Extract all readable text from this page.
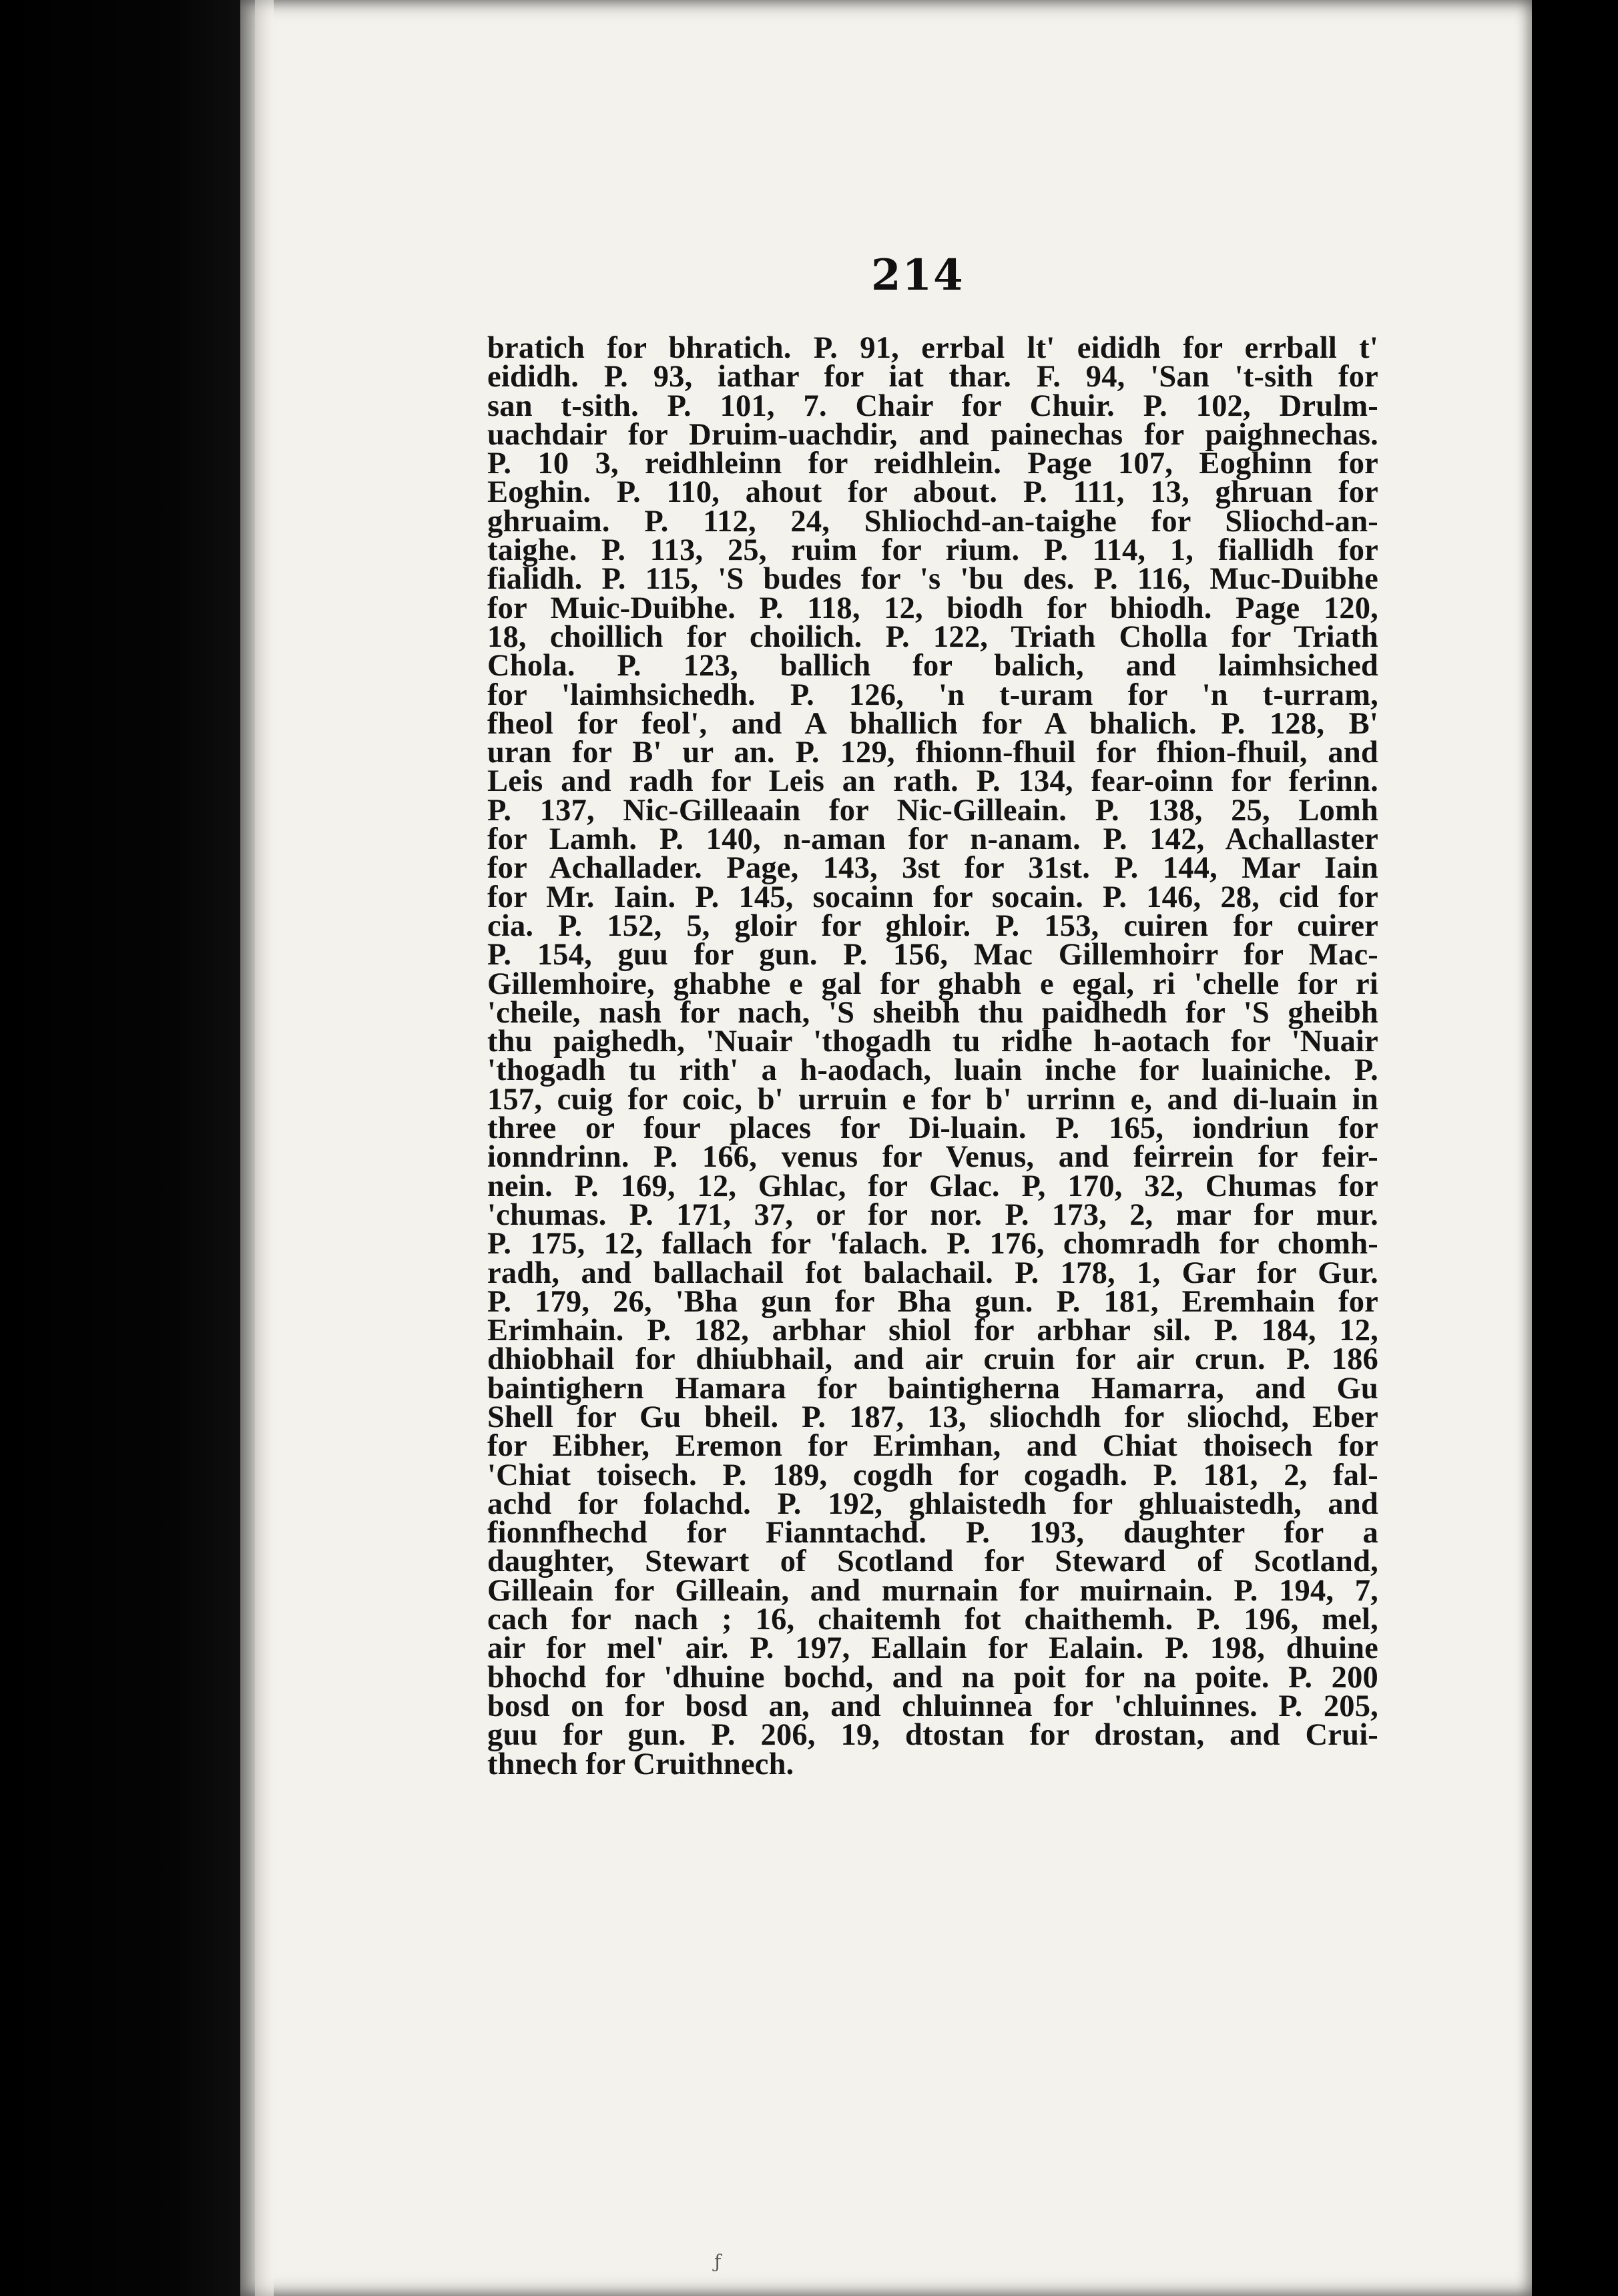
214
bratich for bhratich. P. 91, errbal lt' eididh for errball t'
eididh. P. 93, iathar for iat thar. F. 94, 'San 't-sith for
san t-sith. P. 101, 7. Chair for Chuir. P. 102, Drulm-
uachdair for Druim-uachdir, and painechas for paighnechas.
P. 10 3, reidhleinn for reidhlein. Page 107, Eoghinn for
Eoghin. P. 110, ahout for about. P. 111, 13, ghruan for
ghruaim. P. 112, 24, Shliochd-an-taighe for Sliochd-an-
taighe. P. 113, 25, ruim for rium. P. 114, 1, fiallidh for
fialidh. P. 115, 'S budes for 's 'bu des. P. 116, Muc-Duibhe
for Muic-Duibhe. P. 118, 12, biodh for bhiodh. Page 120,
18, choillich for choilich. P. 122, Triath Cholla for Triath
Chola. P. 123, ballich for balich, and laimhsiched
for 'laimhsichedh. P. 126, 'n t-uram for 'n t-urram,
fheol for feol', and A bhallich for A bhalich. P. 128, B'
uran for B' ur an. P. 129, fhionn-fhuil for fhion-fhuil, and
Leis and radh for Leis an rath. P. 134, fear-oinn for ferinn.
P. 137, Nic-Gilleaain for Nic-Gilleain. P. 138, 25, Lomh
for Lamh. P. 140, n-aman for n-anam. P. 142, Achallaster
for Achallader. Page, 143, 3st for 31st. P. 144, Mar Iain
for Mr. Iain. P. 145, socainn for socain. P. 146, 28, cid for
cia. P. 152, 5, gloir for ghloir. P. 153, cuiren for cuirer
P. 154, guu for gun. P. 156, Mac Gillemhoirr for Mac-
Gillemhoire, ghabhe e gal for ghabh e egal, ri 'chelle for ri
'cheile, nash for nach, 'S sheibh thu paidhedh for 'S gheibh
thu paighedh, 'Nuair 'thogadh tu ridhe h-aotach for 'Nuair
'thogadh tu rith' a h-aodach, luain inche for luainiche. P.
157, cuig for coic, b' urruin e for b' urrinn e, and di-luain in
three or four places for Di-luain. P. 165, iondriun for
ionndrinn. P. 166, venus for Venus, and feirrein for feir-
nein. P. 169, 12, Ghlac, for Glac. P, 170, 32, Chumas for
'chumas. P. 171, 37, or for nor. P. 173, 2, mar for mur.
P. 175, 12, fallach for 'falach. P. 176, chomradh for chomh-
radh, and ballachail fot balachail. P. 178, 1, Gar for Gur.
P. 179, 26, 'Bha gun for Bha gun. P. 181, Eremhain for
Erimhain. P. 182, arbhar shiol for arbhar sil. P. 184, 12,
dhiobhail for dhiubhail, and air cruin for air crun. P. 186
baintighern Hamara for baintigherna Hamarra, and Gu
Shell for Gu bheil. P. 187, 13, sliochdh for sliochd, Eber
for Eibher, Eremon for Erimhan, and Chiat thoisech for
'Chiat toisech. P. 189, cogdh for cogadh. P. 181, 2, fal-
achd for folachd. P. 192, ghlaistedh for ghluaistedh, and
fionnfhechd for Fianntachd. P. 193, daughter for a
daughter, Stewart of Scotland for Steward of Scotland,
Gilleain for Gilleain, and murnain for muirnain. P. 194, 7,
cach for nach ; 16, chaitemh fot chaithemh. P. 196, mel,
air for mel' air. P. 197, Eallain for Ealain. P. 198, dhuine
bhochd for 'dhuine bochd, and na poit for na poite. P. 200
bosd on for bosd an, and chluinnea for 'chluinnes. P. 205,
guu for gun. P. 206, 19, dtostan for drostan, and Crui-
thnech for Cruithnech.
ƒ
